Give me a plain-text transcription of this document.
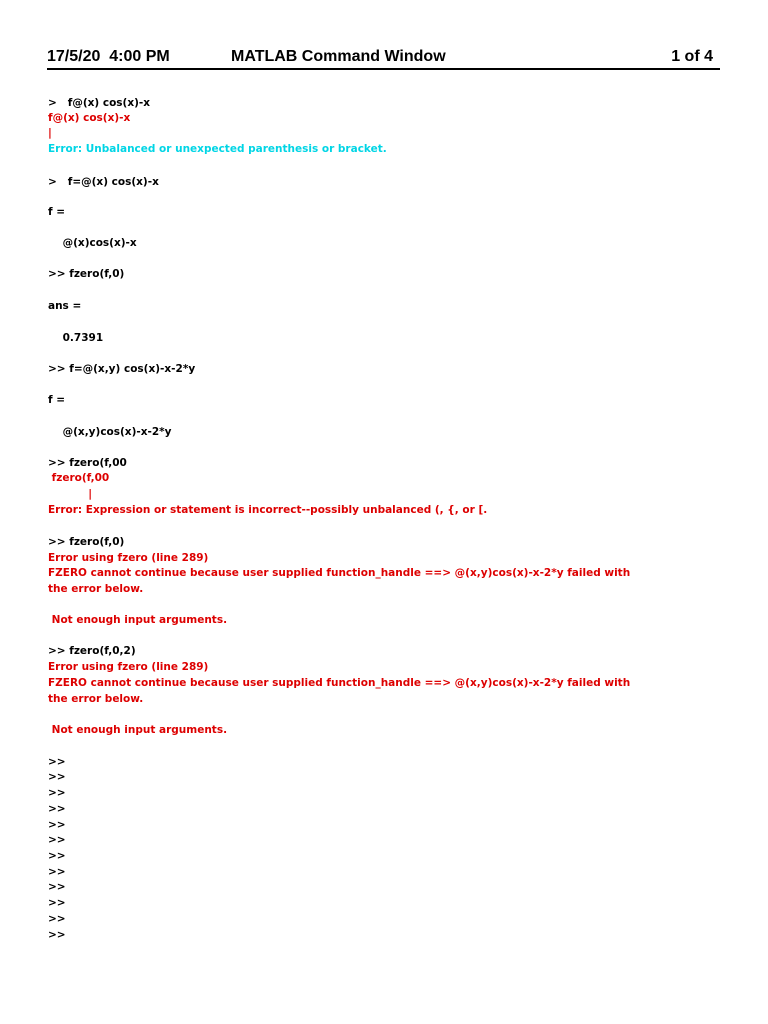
17/5/20  4:00 PM	MATLAB Command Window	1 of 4
>   f@(x) cos(x)-x
f@(x) cos(x)-x
|
Error: Unbalanced or unexpected parenthesis or bracket.
>   f=@(x) cos(x)-x
f =
@(x)cos(x)-x
>> fzero(f,0)
ans =
0.7391
>> f=@(x,y) cos(x)-x-2*y
f =
@(x,y)cos(x)-x-2*y
>> fzero(f,00
fzero(f,00
|
Error: Expression or statement is incorrect--possibly unbalanced (, {, or [.
>> fzero(f,0)
Error using fzero (line 289)
FZERO cannot continue because user supplied function_handle ==> @(x,y)cos(x)-x-2*y failed with
the error below.
Not enough input arguments.
>> fzero(f,0,2)
Error using fzero (line 289)
FZERO cannot continue because user supplied function_handle ==> @(x,y)cos(x)-x-2*y failed with
the error below.
Not enough input arguments.
>>
>>
>>
>>
>>
>>
>>
>>
>>
>>
>>
>>
